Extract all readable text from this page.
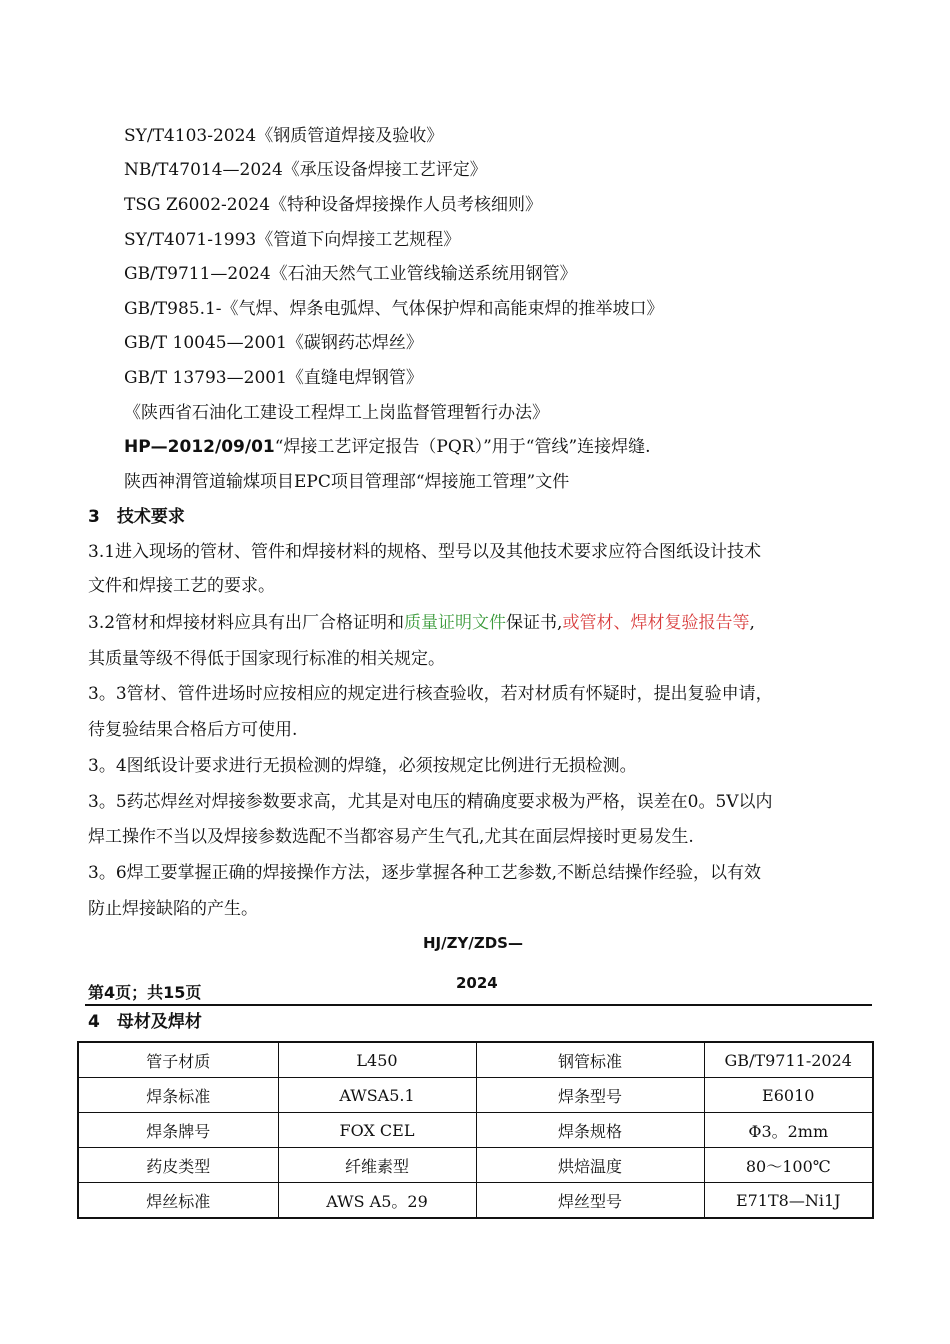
SY/T4103-2024《钢质管道焊接及验收》
NB/T47014—2024《承压设备焊接工艺评定》
TSG Z6002-2024《特种设备焊接操作人员考核细则》
SY/T4071-1993《管道下向焊接工艺规程》
GB/T9711—2024《石油天然气工业管线输送系统用钢管》
GB/T985.1-《气焊、焊条电弧焊、气体保护焊和高能束焊的推举坡口》
GB/T 10045—2001《碳钢药芯焊丝》
GB/T 13793—2001《直缝电焊钢管》
《陕西省石油化工建设工程焊工上岗监督管理暂行办法》
HP—2012/09/01“焊接工艺评定报告（PQR）”用于“管线”连接焊缝.
陕西神渭管道输煤项目EPC项目管理部“焊接施工管理”文件
3　技术要求
3.1进入现场的管材、管件和焊接材料的规格、型号以及其他技术要求应符合图纸设计技术
文件和焊接工艺的要求。
3.2管材和焊接材料应具有出厂合格证明和质量证明文件保证书,或管材、焊材复验报告等,
其质量等级不得低于国家现行标准的相关规定。
3。3管材、管件进场时应按相应的规定进行核查验收，若对材质有怀疑时，提出复验申请，
待复验结果合格后方可使用.
3。4图纸设计要求进行无损检测的焊缝，必须按规定比例进行无损检测。
3。5药芯焊丝对焊接参数要求高，尤其是对电压的精确度要求极为严格，误差在0。5V以内
焊工操作不当以及焊接参数选配不当都容易产生气孔,尤其在面层焊接时更易发生.
3。6焊工要掌握正确的焊接操作方法，逐步掌握各种工艺参数,不断总结操作经验，以有效
防止焊接缺陷的产生。
HJ/ZY/ZDS—
2024
第4页；共15页
4　母材及焊材
管子材质	L450	钢管标准	GB/T9711-2024
焊条标准	AWSA5.1	焊条型号	E6010
焊条牌号	FOX CEL	焊条规格	Φ3。2mm
药皮类型	纤维素型	烘焙温度	80～100℃
焊丝标准	AWS A5。29	焊丝型号	E71T8—Ni1J
